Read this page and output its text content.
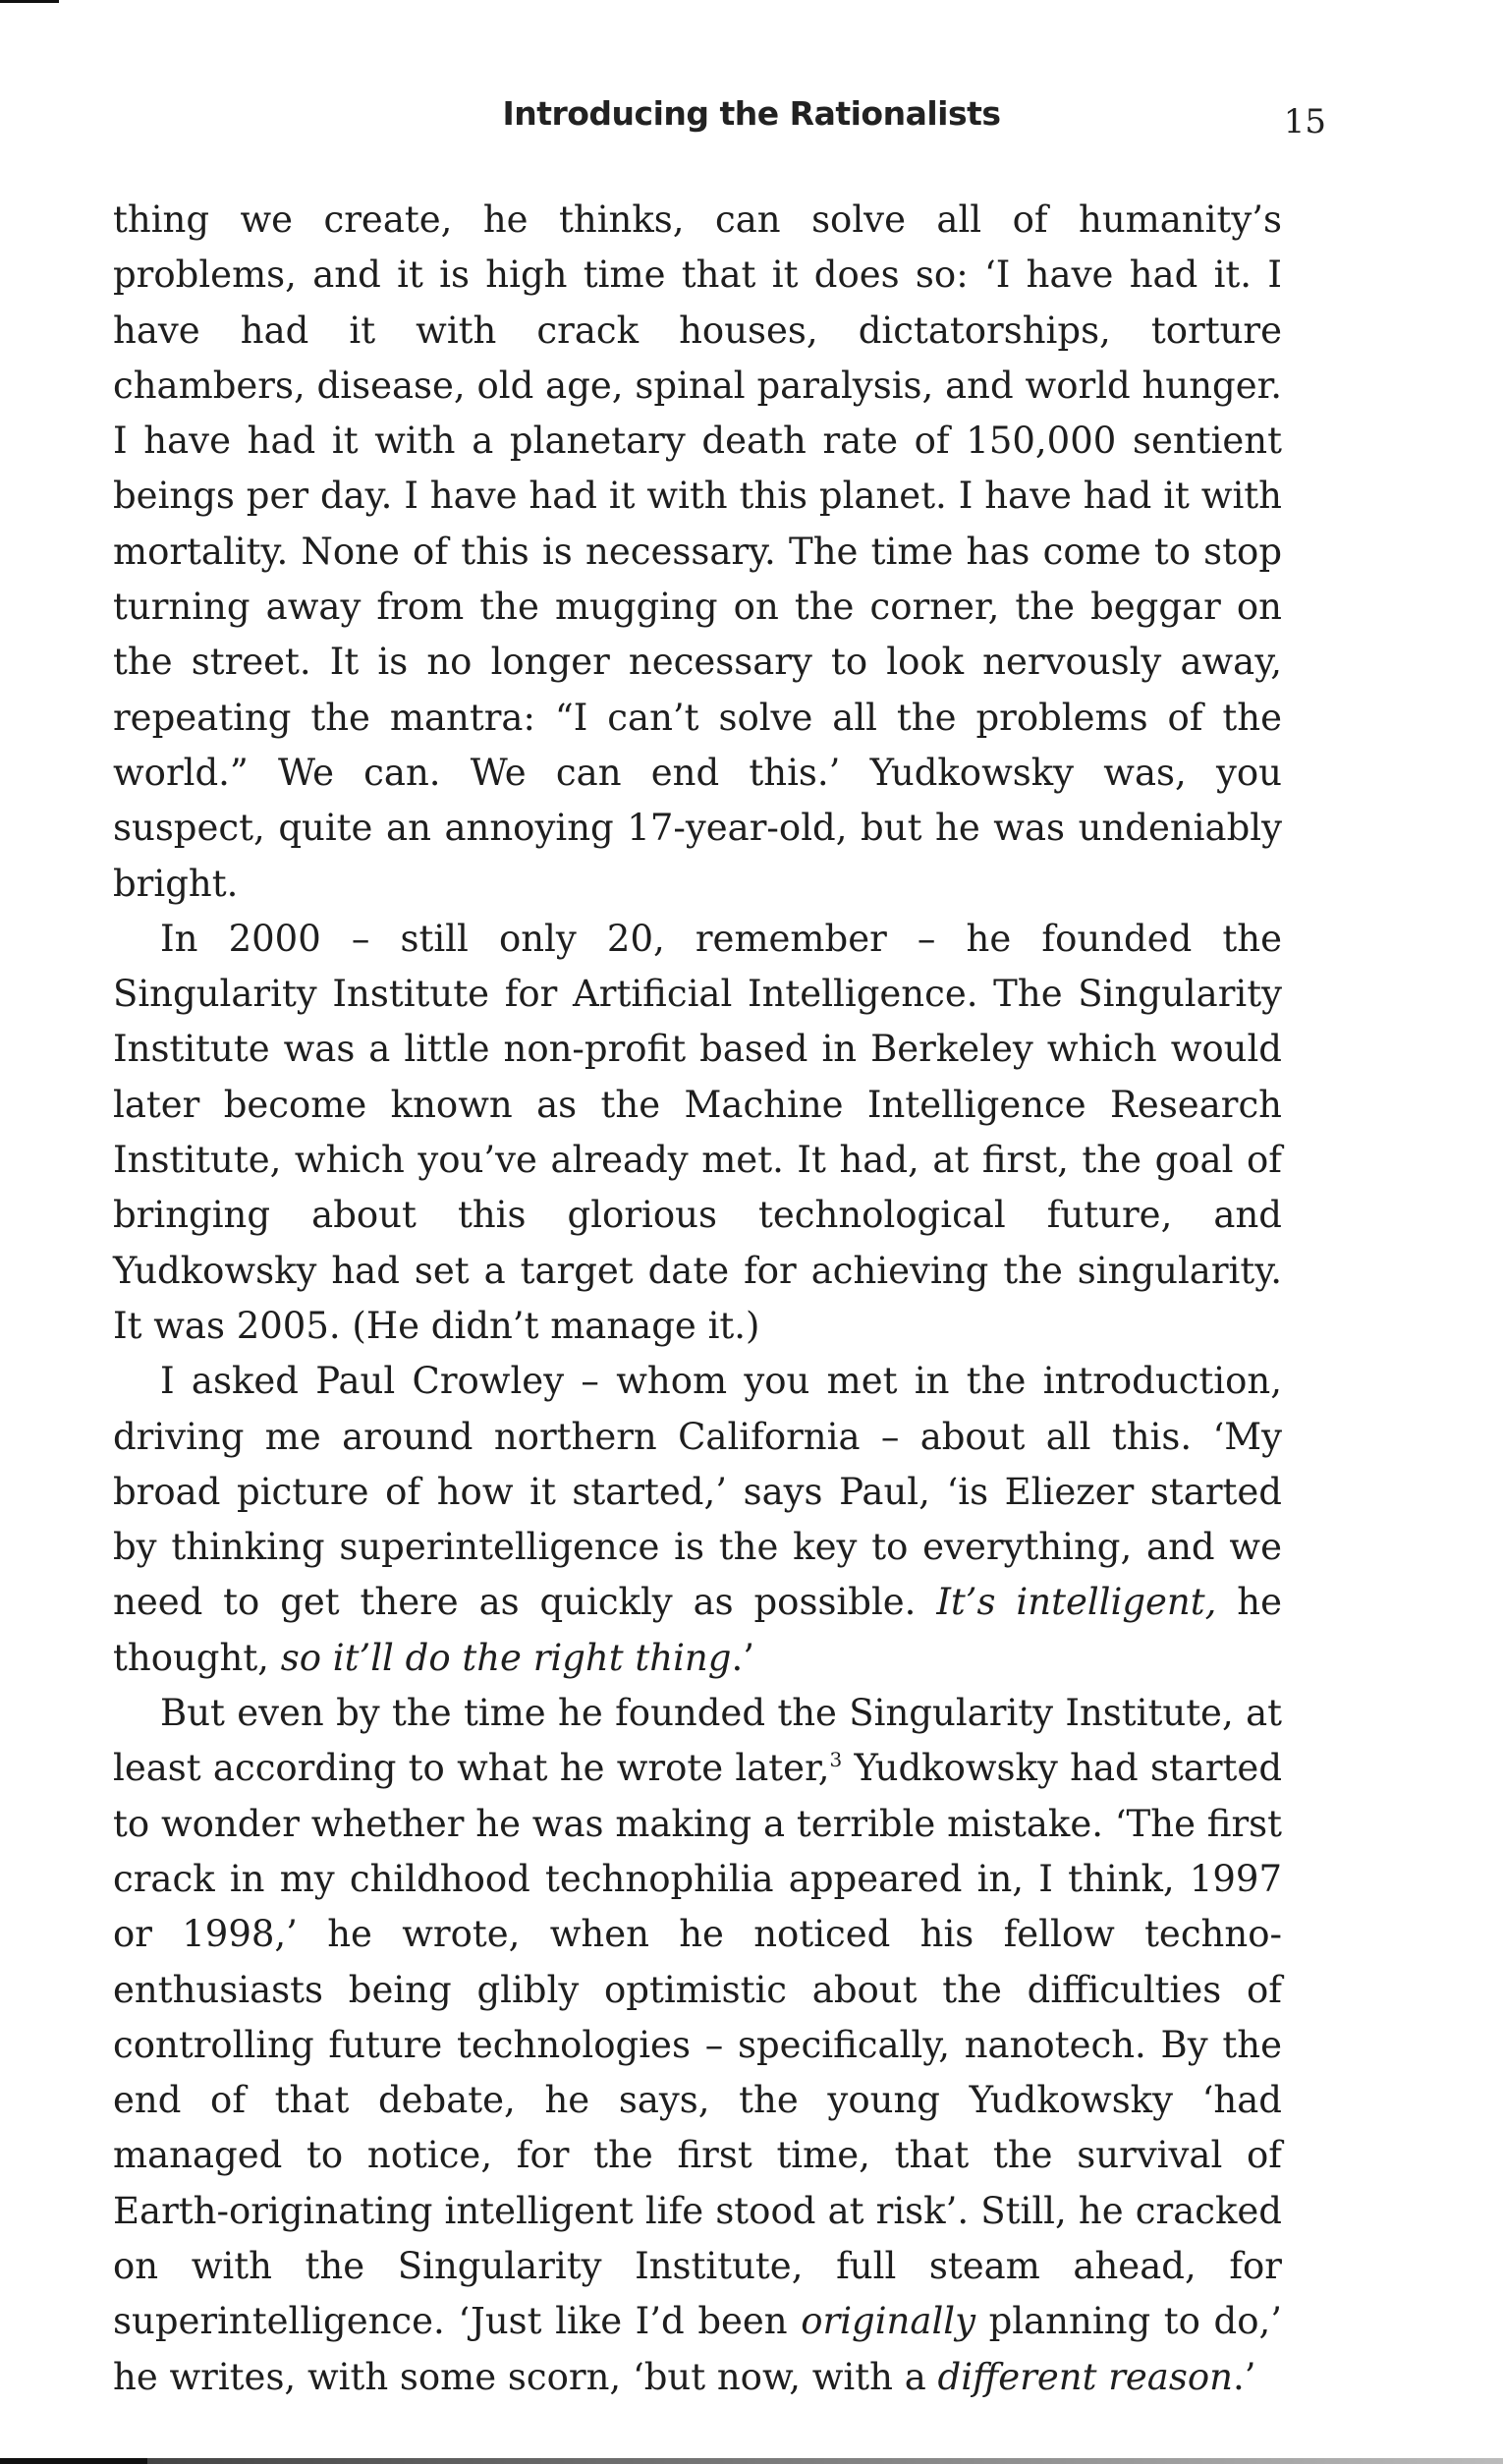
Introducing the Rationalists	15

thing we create, he thinks, can solve all of humanity’s problems, and it is high time that it does so: ‘I have had it. I have had it with crack houses, dictatorships, torture chambers, disease, old age, spinal paralysis, and world hunger. I have had it with a planetary death rate of 150,000 sentient beings per day. I have had it with this planet. I have had it with mortality. None of this is necessary. The time has come to stop turning away from the mugging on the corner, the beggar on the street. It is no longer necessary to look nervously away, repeating the mantra: “I can’t solve all the problems of the world.” We can. We can end this.’ Yudkowsky was, you suspect, quite an annoying 17-year-old, but he was undeniably bright.

In 2000 – still only 20, remember – he founded the Singularity Institute for Artificial Intelligence. The Singularity Institute was a little non-profit based in Berkeley which would later become known as the Machine Intelligence Research Institute, which you’ve already met. It had, at first, the goal of bringing about this glorious technological future, and Yudkowsky had set a target date for achieving the singularity. It was 2005. (He didn’t manage it.)

I asked Paul Crowley – whom you met in the introduction, driving me around northern California – about all this. ‘My broad picture of how it started,’ says Paul, ‘is Eliezer started by thinking superintelligence is the key to everything, and we need to get there as quickly as possible. It’s intelligent, he thought, so it’ll do the right thing.’

But even by the time he founded the Singularity Institute, at least according to what he wrote later,$^3$ Yudkowsky had started to wonder whether he was making a terrible mistake. ‘The first crack in my childhood technophilia appeared in, I think, 1997 or 1998,’ he wrote, when he noticed his fellow techno-enthusiasts being glibly optimistic about the difficulties of controlling future technologies – specifically, nanotech. By the end of that debate, he says, the young Yudkowsky ‘had managed to notice, for the first time, that the survival of Earth-originating intelligent life stood at risk’. Still, he cracked on with the Singularity Institute, full steam ahead, for superintelligence. ‘Just like I’d been originally planning to do,’ he writes, with some scorn, ‘but now, with a different reason.’
